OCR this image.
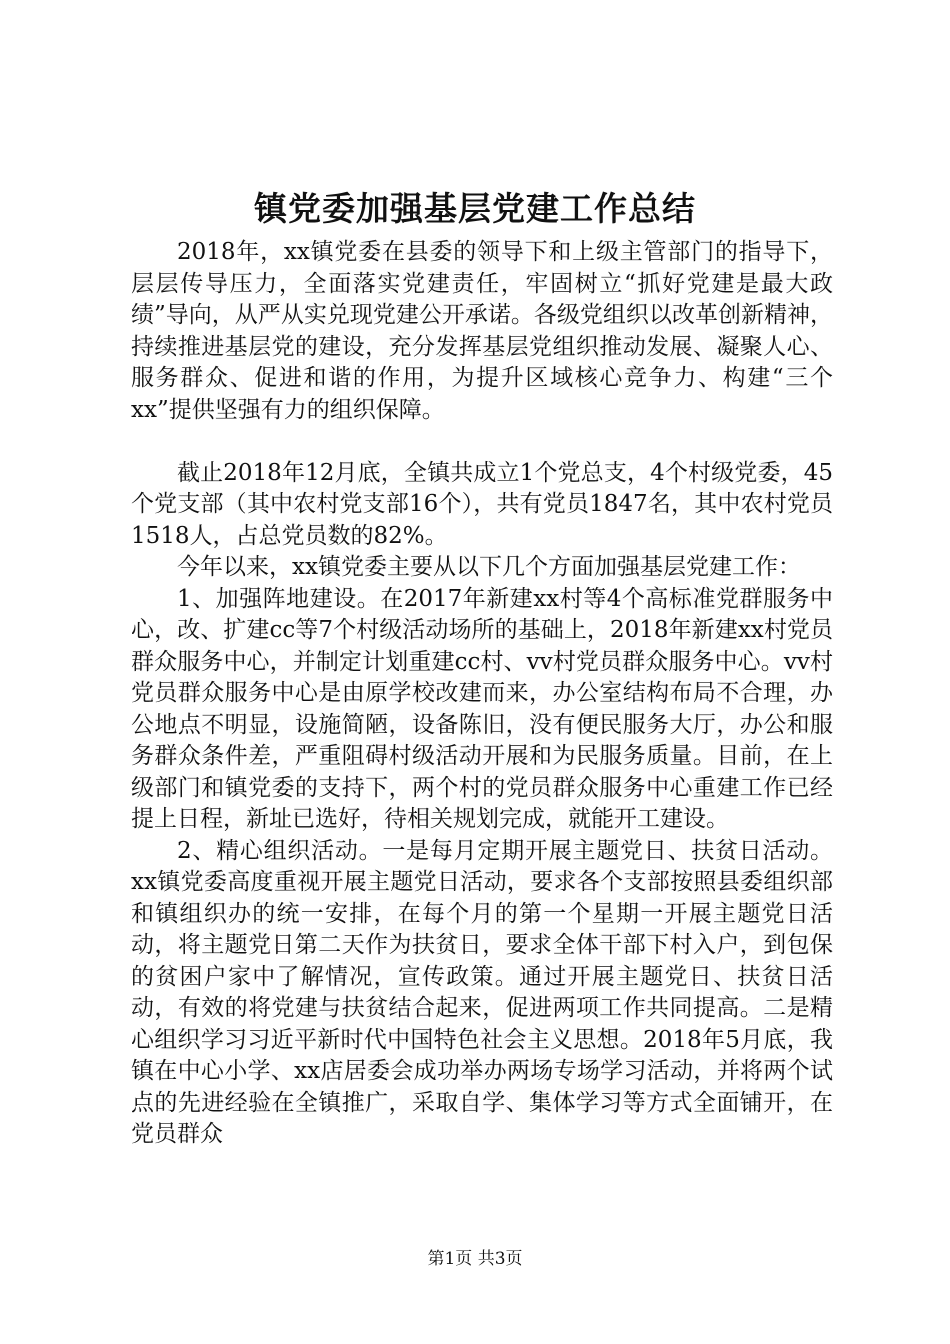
镇党委加强基层党建工作总结

2018年，xx镇党委在县委的领导下和上级主管部门的指导下，层层传导压力，全面落实党建责任，牢固树立“抓好党建是最大政绩”导向，从严从实兑现党建公开承诺。各级党组织以改革创新精神，持续推进基层党的建设，充分发挥基层党组织推动发展、凝聚人心、服务群众、促进和谐的作用，为提升区域核心竞争力、构建“三个xx”提供坚强有力的组织保障。

截止2018年12月底，全镇共成立1个党总支，4个村级党委，45个党支部（其中农村党支部16个），共有党员1847名，其中农村党员1518人，占总党员数的82%。

今年以来，xx镇党委主要从以下几个方面加强基层党建工作：

1、加强阵地建设。在2017年新建xx村等4个高标准党群服务中心，改、扩建cc等7个村级活动场所的基础上，2018年新建xx村党员群众服务中心，并制定计划重建cc村、vv村党员群众服务中心。vv村党员群众服务中心是由原学校改建而来，办公室结构布局不合理，办公地点不明显，设施简陋，设备陈旧，没有便民服务大厅，办公和服务群众条件差，严重阻碍村级活动开展和为民服务质量。目前，在上级部门和镇党委的支持下，两个村的党员群众服务中心重建工作已经提上日程，新址已选好，待相关规划完成，就能开工建设。

2、精心组织活动。一是每月定期开展主题党日、扶贫日活动。xx镇党委高度重视开展主题党日活动，要求各个支部按照县委组织部和镇组织办的统一安排，在每个月的第一个星期一开展主题党日活动，将主题党日第二天作为扶贫日，要求全体干部下村入户，到包保的贫困户家中了解情况，宣传政策。通过开展主题党日、扶贫日活动，有效的将党建与扶贫结合起来，促进两项工作共同提高。二是精心组织学习习近平新时代中国特色社会主义思想。2018年5月底，我镇在中心小学、xx店居委会成功举办两场专场学习活动，并将两个试点的先进经验在全镇推广，采取自学、集体学习等方式全面铺开，在党员群众

第1页 共3页
